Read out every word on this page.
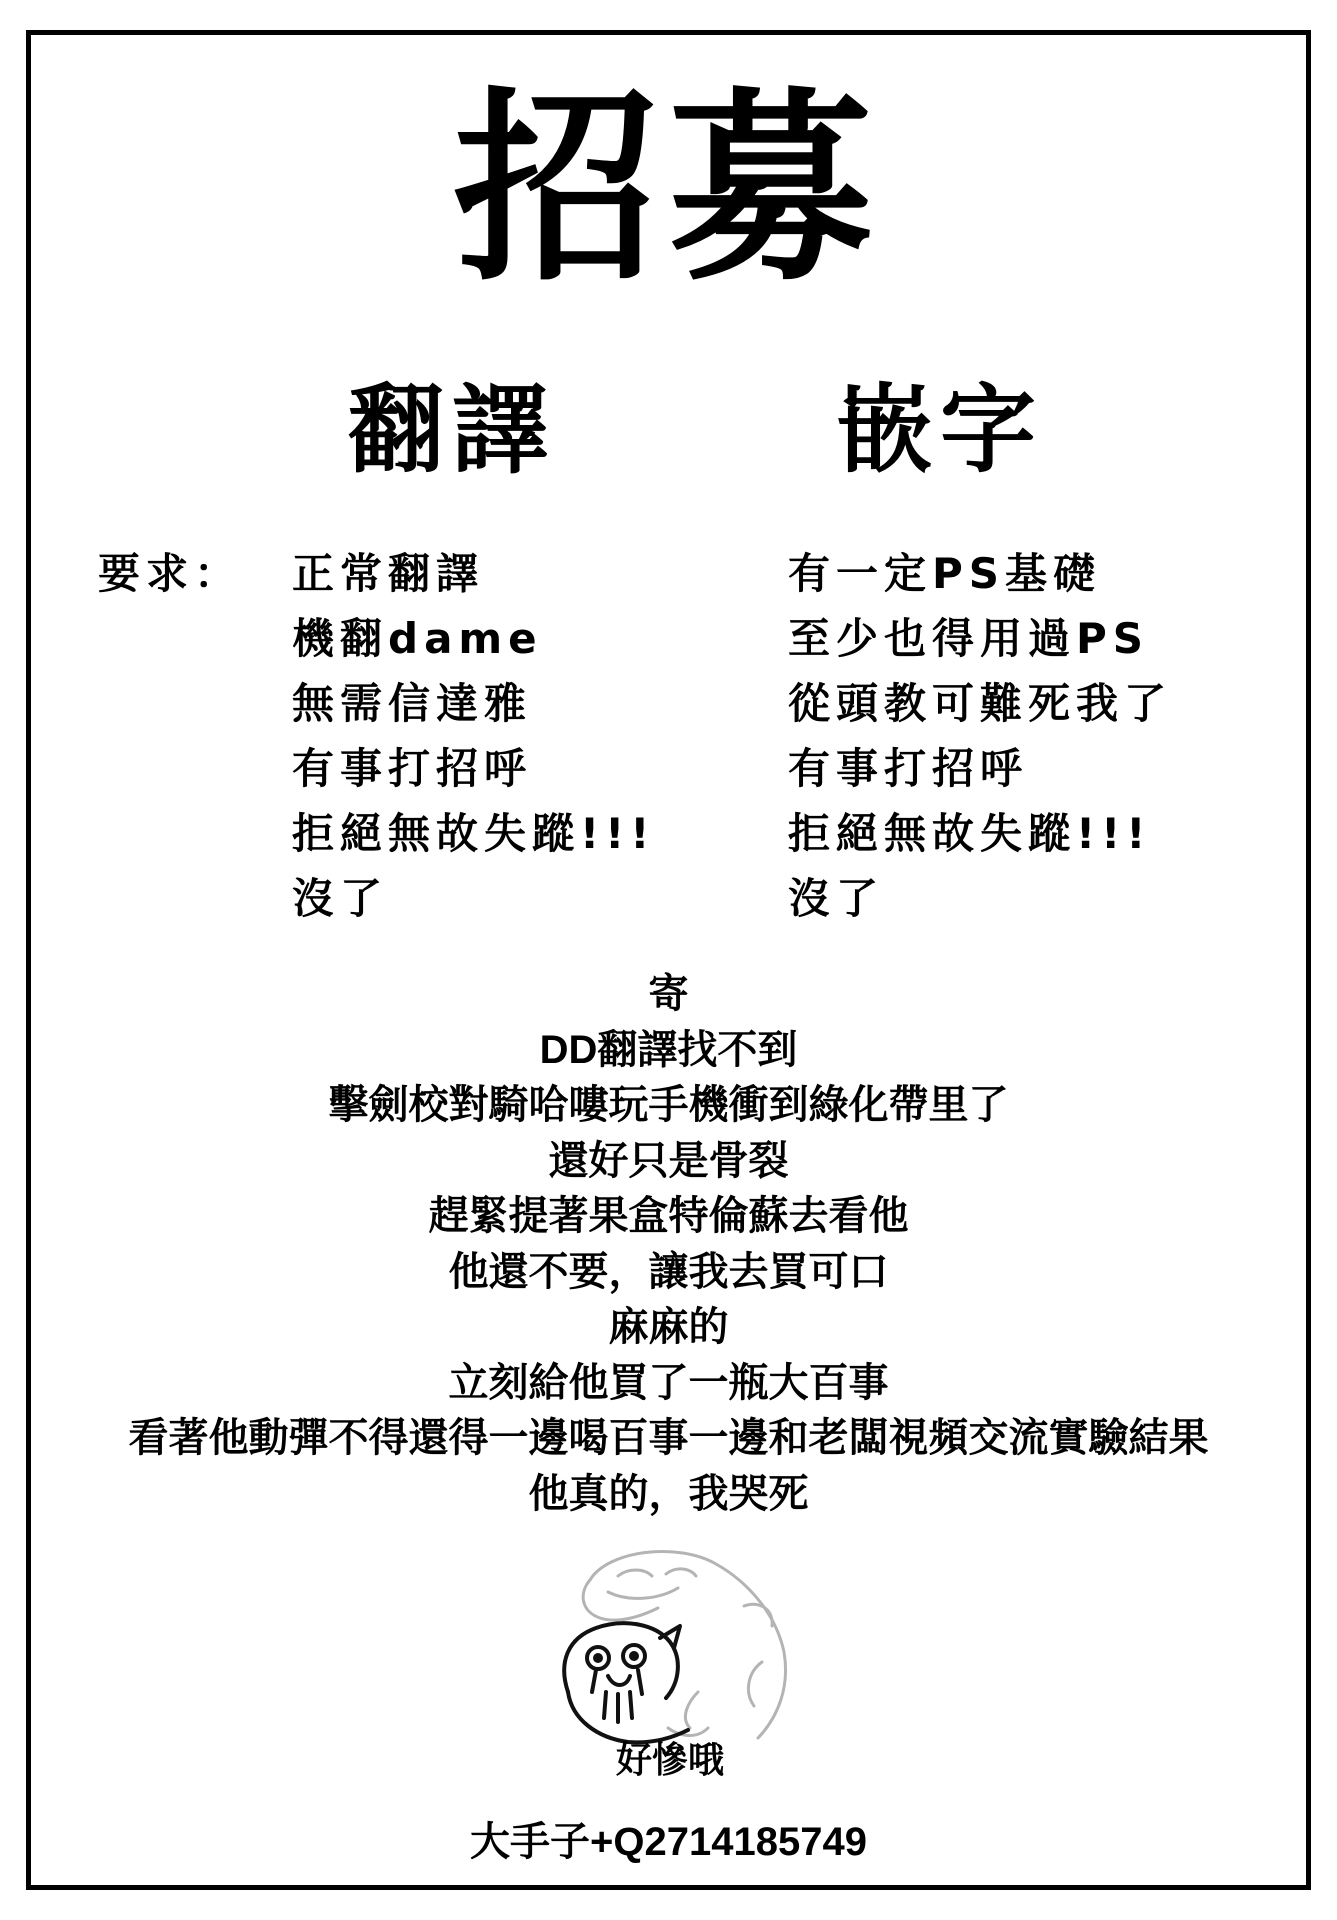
招募
翻譯	嵌字
要求： 正常翻譯
機翻dame
無需信達雅
有事打招呼
拒絕無故失蹤!!!
沒了
有一定PS基礎
至少也得用過PS
從頭教可難死我了
有事打招呼
拒絕無故失蹤!!!
沒了
寄
DD翻譯找不到
擊劍校對騎哈嘍玩手機衝到綠化帶里了
還好只是骨裂
趕緊提著果盒特倫蘇去看他
他還不要，讓我去買可口
麻麻的
立刻給他買了一瓶大百事
看著他動彈不得還得一邊喝百事一邊和老闆視頻交流實驗結果
他真的，我哭死
好慘哦
大手子+Q2714185749
